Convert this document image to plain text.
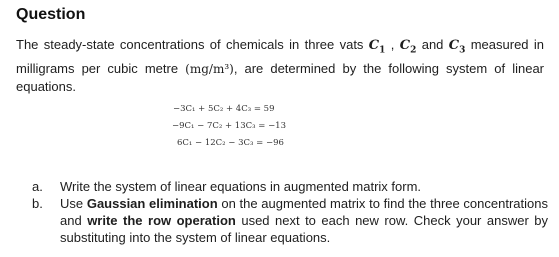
Question
The steady-state concentrations of chemicals in three vats $C_1$ , $C_2$ and $C_3$ measured in milligrams per cubic metre (mg/m³), are determined by the following system of linear equations.
−3C₁ + 5C₂ + 4C₃ = 59
−9C₁ − 7C₂ + 13C₃ = −13
6C₁ − 12C₂ − 3C₃ = −96
a.	Write the system of linear equations in augmented matrix form.
b.	Use Gaussian elimination on the augmented matrix to find the three concentrations and write the row operation used next to each new row. Check your answer by substituting into the system of linear equations.
